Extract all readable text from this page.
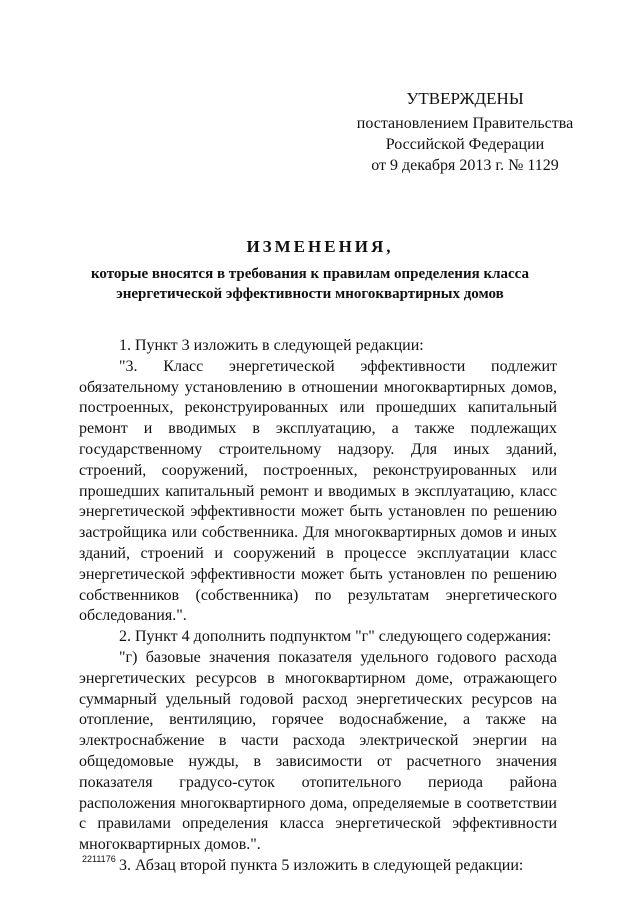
УТВЕРЖДЕНЫ
постановлением Правительства
Российской Федерации
от 9 декабря 2013 г. № 1129
ИЗМЕНЕНИЯ,
которые вносятся в требования к правилам определения класса
энергетической эффективности многоквартирных домов

1. Пункт 3 изложить в следующей редакции:

"3. Класс энергетической эффективности подлежит обязательному установлению в отношении многоквартирных домов, построенных, реконструированных или прошедших капитальный ремонт и вводимых в эксплуатацию, а также подлежащих государственному строительному надзору. Для иных зданий, строений, сооружений, построенных, реконструированных или прошедших капитальный ремонт и вводимых в эксплуатацию, класс энергетической эффективности может быть установлен по решению застройщика или собственника. Для многоквартирных домов и иных зданий, строений и сооружений в процессе эксплуатации класс энергетической эффективности может быть установлен по решению собственников (собственника) по результатам энергетического обследования.".

2. Пункт 4 дополнить подпунктом "г" следующего содержания:

"г) базовые значения показателя удельного годового расхода энергетических ресурсов в многоквартирном доме, отражающего суммарный удельный годовой расход энергетических ресурсов на отопление, вентиляцию, горячее водоснабжение, а также на электроснабжение в части расхода электрической энергии на общедомовые нужды, в зависимости от расчетного значения показателя градусо-суток отопительного периода района расположения многоквартирного дома, определяемые в соответствии с правилами определения класса энергетической эффективности многоквартирных домов.".

3. Абзац второй пункта 5 изложить в следующей редакции:

2211176
